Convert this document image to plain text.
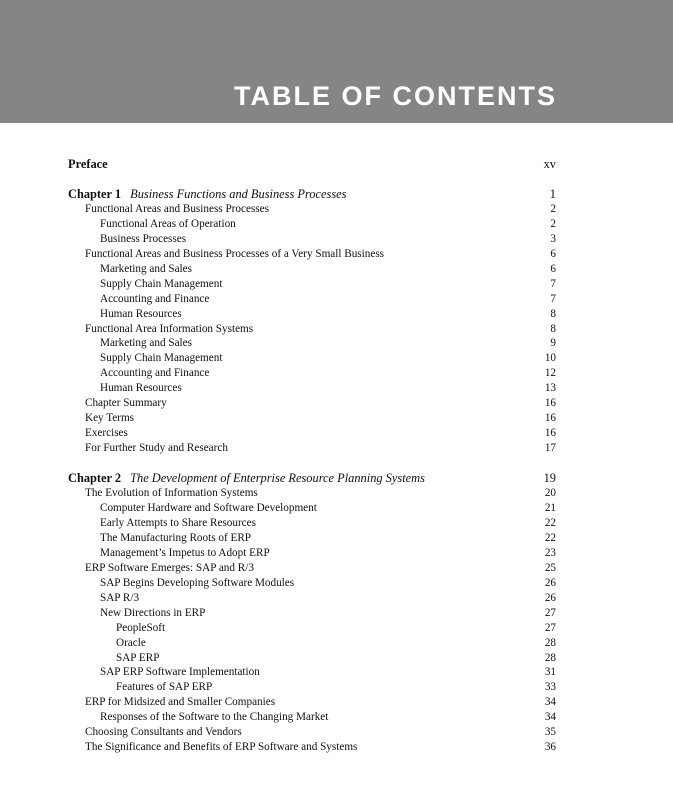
TABLE OF CONTENTS
Preface	xv
Chapter 1 Business Functions and Business Processes	1
Functional Areas and Business Processes	2
Functional Areas of Operation	2
Business Processes	3
Functional Areas and Business Processes of a Very Small Business	6
Marketing and Sales	6
Supply Chain Management	7
Accounting and Finance	7
Human Resources	8
Functional Area Information Systems	8
Marketing and Sales	9
Supply Chain Management	10
Accounting and Finance	12
Human Resources	13
Chapter Summary	16
Key Terms	16
Exercises	16
For Further Study and Research	17
Chapter 2 The Development of Enterprise Resource Planning Systems	19
The Evolution of Information Systems	20
Computer Hardware and Software Development	21
Early Attempts to Share Resources	22
The Manufacturing Roots of ERP	22
Management’s Impetus to Adopt ERP	23
ERP Software Emerges: SAP and R/3	25
SAP Begins Developing Software Modules	26
SAP R/3	26
New Directions in ERP	27
PeopleSoft	27
Oracle	28
SAP ERP	28
SAP ERP Software Implementation	31
Features of SAP ERP	33
ERP for Midsized and Smaller Companies	34
Responses of the Software to the Changing Market	34
Choosing Consultants and Vendors	35
The Significance and Benefits of ERP Software and Systems	36
